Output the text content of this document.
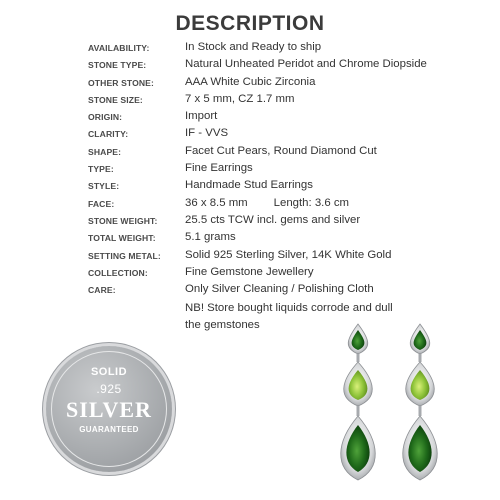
DESCRIPTION
AVAILABILITY:	In Stock and Ready to ship
STONE TYPE:	Natural Unheated Peridot and Chrome Diopside
OTHER STONE:	AAA White Cubic Zirconia
STONE SIZE:	7 x 5 mm, CZ 1.7 mm
ORIGIN:	Import
CLARITY:	IF - VVS
SHAPE:	Facet Cut Pears, Round Diamond Cut
TYPE:	Fine Earrings
STYLE:	Handmade Stud Earrings
FACE:	36 x 8.5 mm Length: 3.6 cm
STONE WEIGHT: 25.5 cts TCW incl. gems and silver
TOTAL WEIGHT:	5.1 grams
SETTING METAL: Solid 925 Sterling Silver, 14K White Gold
COLLECTION:	Fine Gemstone Jewellery
CARE:	Only Silver Cleaning / Polishing Cloth
NB! Store bought liquids corrode and dull
the gemstones
SOLID
.925
SILVER
GUARANTEED
